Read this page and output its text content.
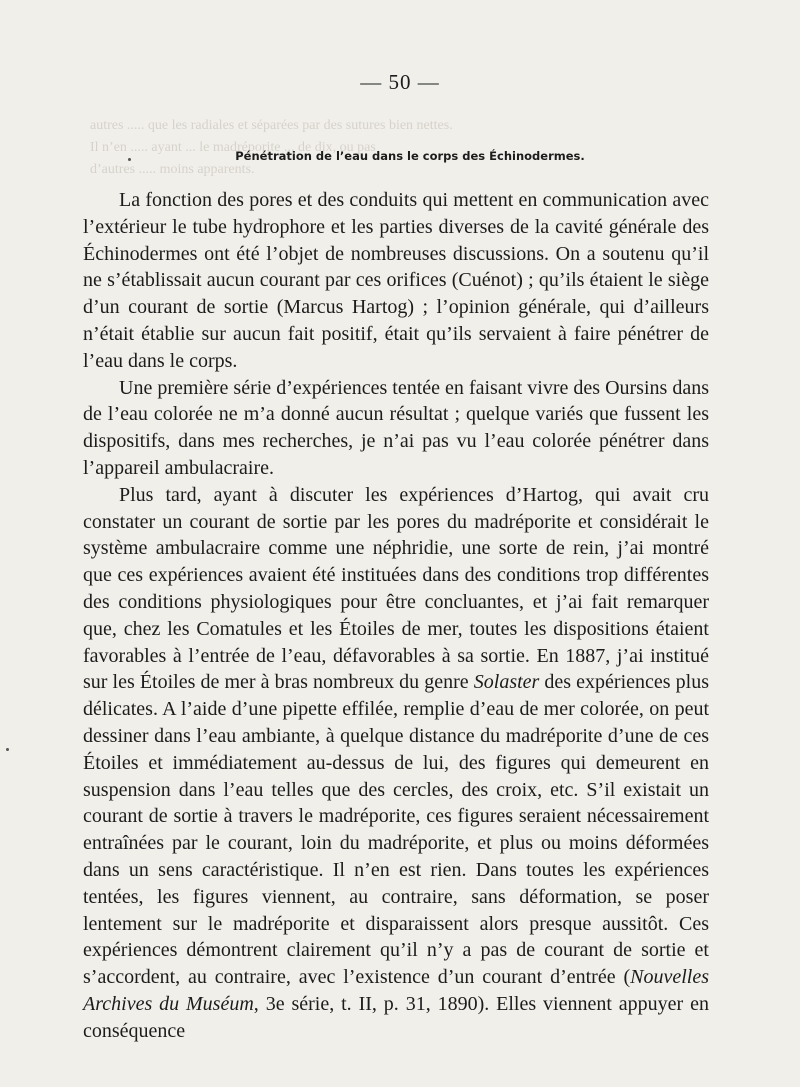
autres ..... que les radiales et séparées par des sutures bien nettes.
Il n’en ..... ayant ... le madréporite ... de dix, ou pas
d’autres ..... moins apparents.
— 50 —
Pénétration de l’eau dans le corps des Échinodermes.

La fonction des pores et des conduits qui mettent en communication avec l’extérieur le tube hydrophore et les parties diverses de la cavité générale des Échinodermes ont été l’objet de nombreuses discussions. On a soutenu qu’il ne s’établissait aucun courant par ces orifices (Cuénot) ; qu’ils étaient le siège d’un courant de sortie (Marcus Hartog) ; l’opinion générale, qui d’ailleurs n’était établie sur aucun fait positif, était qu’ils servaient à faire pénétrer de l’eau dans le corps.

Une première série d’expériences tentée en faisant vivre des Oursins dans de l’eau colorée ne m’a donné aucun résultat ; quelque variés que fussent les dispositifs, dans mes recherches, je n’ai pas vu l’eau colorée pénétrer dans l’appareil ambulacraire.

Plus tard, ayant à discuter les expériences d’Hartog, qui avait cru constater un courant de sortie par les pores du madréporite et considérait le système ambulacraire comme une néphridie, une sorte de rein, j’ai montré que ces expériences avaient été instituées dans des conditions trop différentes des conditions physiologiques pour être concluantes, et j’ai fait remarquer que, chez les Comatules et les Étoiles de mer, toutes les dispositions étaient favorables à l’entrée de l’eau, défavorables à sa sortie. En 1887, j’ai institué sur les Étoiles de mer à bras nombreux du genre Solaster des expériences plus délicates. A l’aide d’une pipette effilée, remplie d’eau de mer colorée, on peut dessiner dans l’eau ambiante, à quelque distance du madréporite d’une de ces Étoiles et immédiatement au-dessus de lui, des figures qui demeurent en suspension dans l’eau telles que des cercles, des croix, etc. S’il existait un courant de sortie à travers le madréporite, ces figures seraient nécessairement entraînées par le courant, loin du madréporite, et plus ou moins déformées dans un sens caractéristique. Il n’en est rien. Dans toutes les expériences tentées, les figures viennent, au contraire, sans déformation, se poser lentement sur le madréporite et disparaissent alors presque aussitôt. Ces expériences démontrent clairement qu’il n’y a pas de courant de sortie et s’accordent, au contraire, avec l’existence d’un courant d’entrée (Nouvelles Archives du Muséum, 3e série, t. II, p. 31, 1890). Elles viennent appuyer en conséquence
